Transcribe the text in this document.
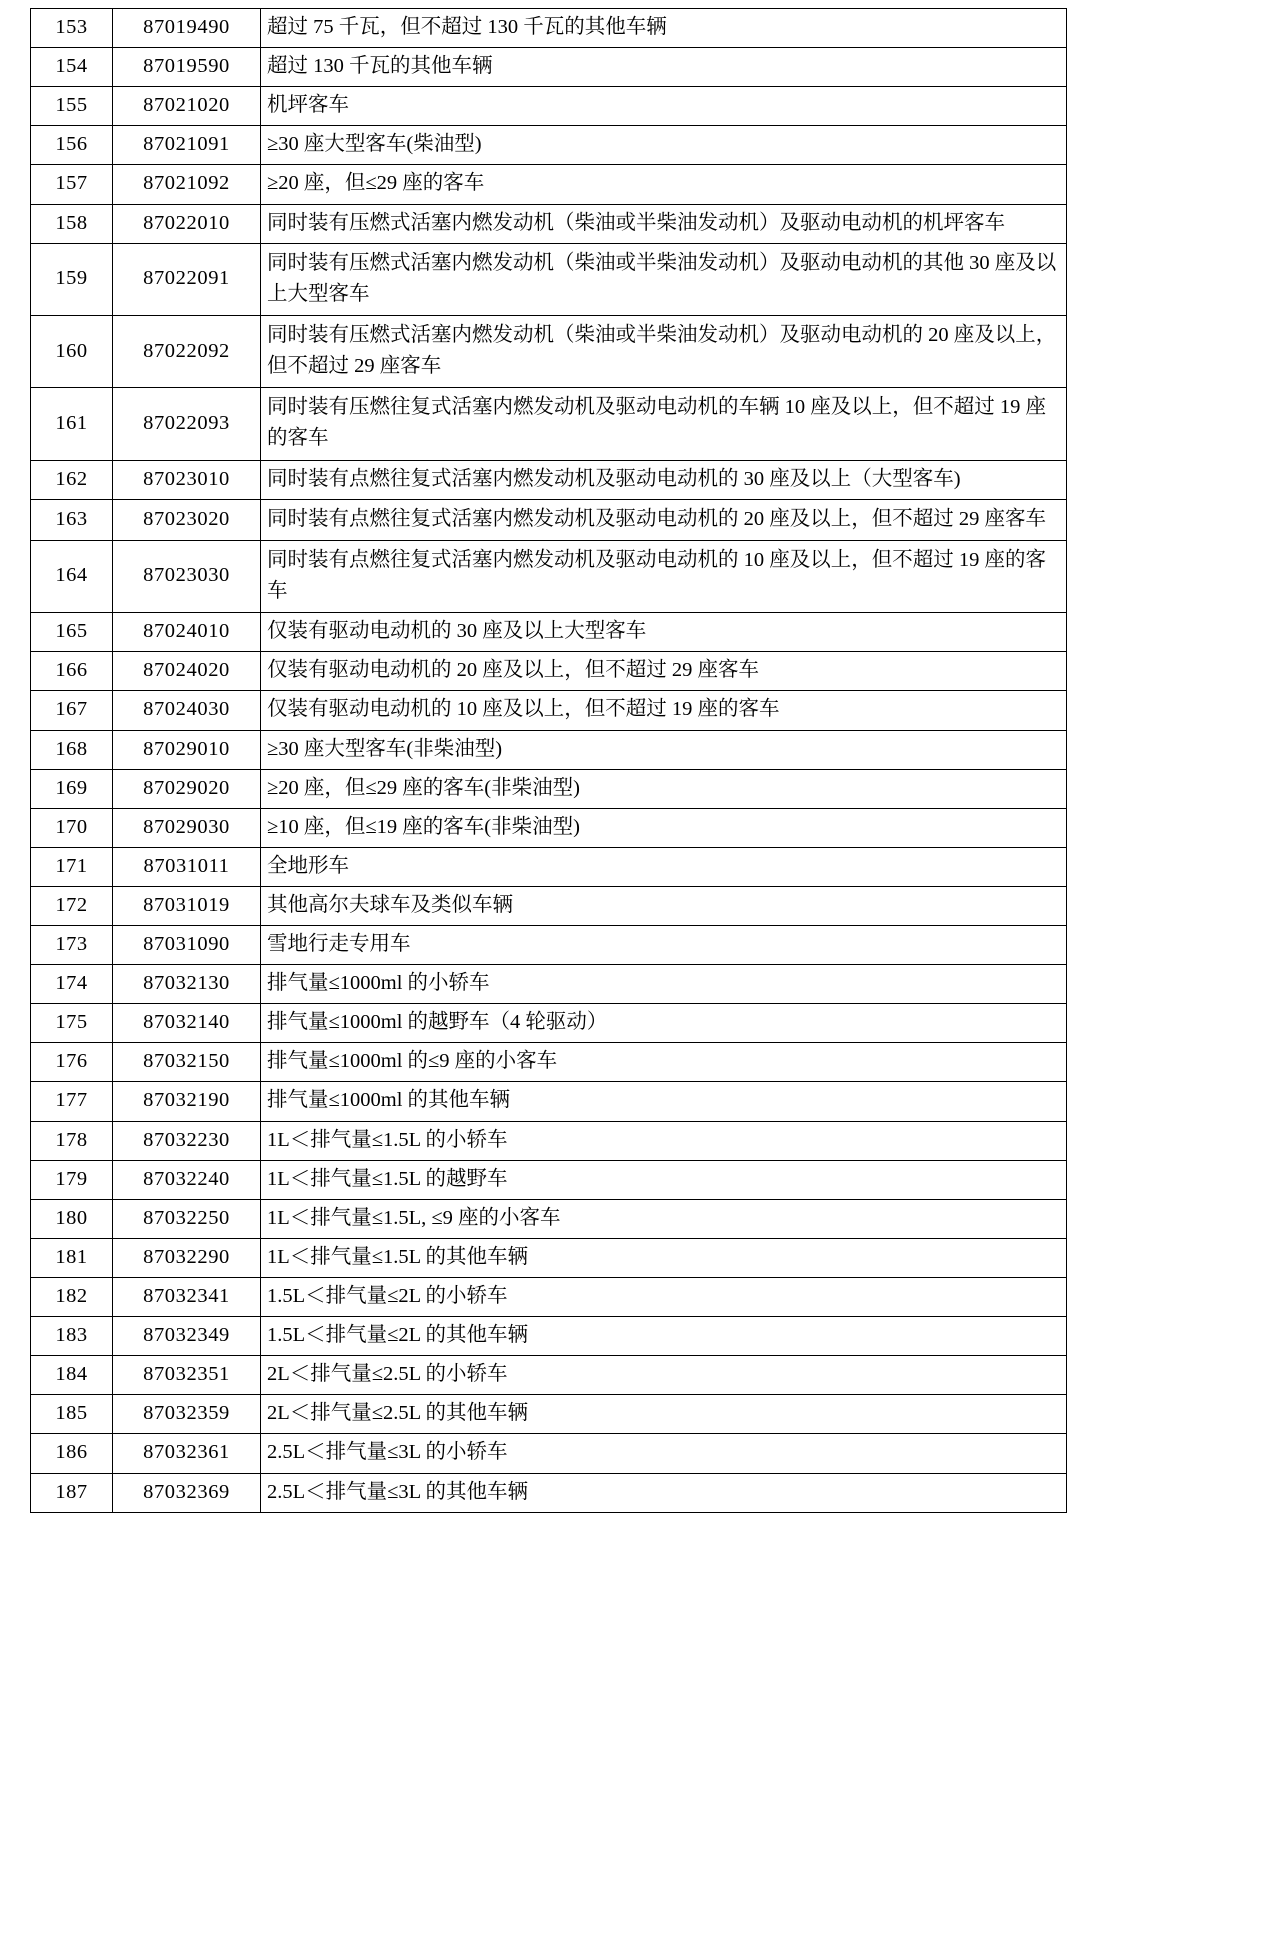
153	87019490	超过 75 千瓦，但不超过 130 千瓦的其他车辆
154	87019590	超过 130 千瓦的其他车辆
155	87021020	机坪客车
156	87021091	≥30 座大型客车(柴油型)
157	87021092	≥20 座，但≤29 座的客车
158	87022010	同时装有压燃式活塞内燃发动机（柴油或半柴油发动机）及驱动电动机的机坪客车
159	87022091	同时装有压燃式活塞内燃发动机（柴油或半柴油发动机）及驱动电动机的其他 30 座及以上大型客车
160	87022092	同时装有压燃式活塞内燃发动机（柴油或半柴油发动机）及驱动电动机的 20 座及以上，但不超过 29 座客车
161	87022093	同时装有压燃往复式活塞内燃发动机及驱动电动机的车辆 10 座及以上，但不超过 19 座的客车
162	87023010	同时装有点燃往复式活塞内燃发动机及驱动电动机的 30 座及以上（大型客车)
163	87023020	同时装有点燃往复式活塞内燃发动机及驱动电动机的 20 座及以上，但不超过 29 座客车
164	87023030	同时装有点燃往复式活塞内燃发动机及驱动电动机的 10 座及以上，但不超过 19 座的客车
165	87024010	仅装有驱动电动机的 30 座及以上大型客车
166	87024020	仅装有驱动电动机的 20 座及以上，但不超过 29 座客车
167	87024030	仅装有驱动电动机的 10 座及以上，但不超过 19 座的客车
168	87029010	≥30 座大型客车(非柴油型)
169	87029020	≥20 座，但≤29 座的客车(非柴油型)
170	87029030	≥10 座，但≤19 座的客车(非柴油型)
171	87031011	全地形车
172	87031019	其他高尔夫球车及类似车辆
173	87031090	雪地行走专用车
174	87032130	排气量≤1000ml 的小轿车
175	87032140	排气量≤1000ml 的越野车（4 轮驱动）
176	87032150	排气量≤1000ml 的≤9 座的小客车
177	87032190	排气量≤1000ml 的其他车辆
178	87032230	1L＜排气量≤1.5L 的小轿车
179	87032240	1L＜排气量≤1.5L 的越野车
180	87032250	1L＜排气量≤1.5L, ≤9 座的小客车
181	87032290	1L＜排气量≤1.5L 的其他车辆
182	87032341	1.5L＜排气量≤2L 的小轿车
183	87032349	1.5L＜排气量≤2L 的其他车辆
184	87032351	2L＜排气量≤2.5L 的小轿车
185	87032359	2L＜排气量≤2.5L 的其他车辆
186	87032361	2.5L＜排气量≤3L 的小轿车
187	87032369	2.5L＜排气量≤3L 的其他车辆
